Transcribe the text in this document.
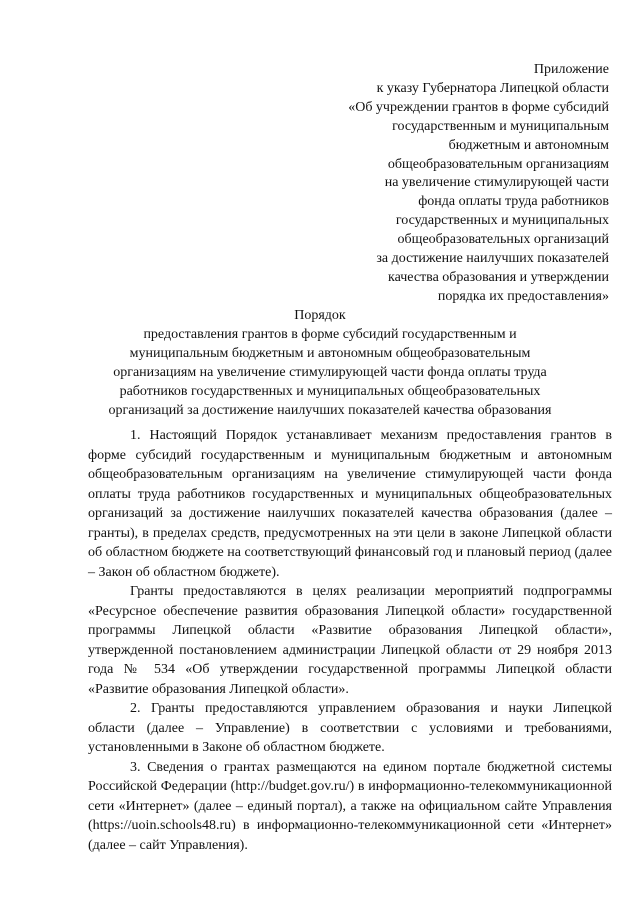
Приложение
к указу Губернатора Липецкой области
«Об учреждении грантов в форме субсидий
государственным и муниципальным
бюджетным и автономным
общеобразовательным организациям
на увеличение стимулирующей части
фонда оплаты труда работников
государственных и муниципальных
общеобразовательных организаций
за достижение наилучших показателей
качества образования и утверждении
порядка их предоставления»
Порядок
предоставления грантов в форме субсидий государственным и
муниципальным бюджетным и автономным общеобразовательным
организациям на увеличение стимулирующей части фонда оплаты труда
работников государственных и муниципальных общеобразовательных
организаций за достижение наилучших показателей качества образования

1. Настоящий Порядок устанавливает механизм предоставления грантов в форме субсидий государственным и муниципальным бюджетным и автономным общеобразовательным организациям на увеличение стимулирующей части фонда оплаты труда работников государственных и муниципальных общеобразовательных организаций за достижение наилучших показателей качества образования (далее – гранты), в пределах средств, предусмотренных на эти цели в законе Липецкой области об областном бюджете на соответствующий финансовый год и плановый период (далее – Закон об областном бюджете).

Гранты предоставляются в целях реализации мероприятий подпрограммы «Ресурсное обеспечение развития образования Липецкой области» государственной программы Липецкой области «Развитие образования Липецкой области», утвержденной постановлением администрации Липецкой области от 29 ноября 2013 года № 534 «Об утверждении государственной программы Липецкой области «Развитие образования Липецкой области».

2. Гранты предоставляются управлением образования и науки Липецкой области (далее – Управление) в соответствии с условиями и требованиями, установленными в Законе об областном бюджете.

3. Сведения о грантах размещаются на едином портале бюджетной системы Российской Федерации (http://budget.gov.ru/) в информационно-телекоммуникационной сети «Интернет» (далее – единый портал), а также на официальном сайте Управления (https://uoin.schools48.ru) в информационно-телекоммуникационной сети «Интернет» (далее – сайт Управления).
